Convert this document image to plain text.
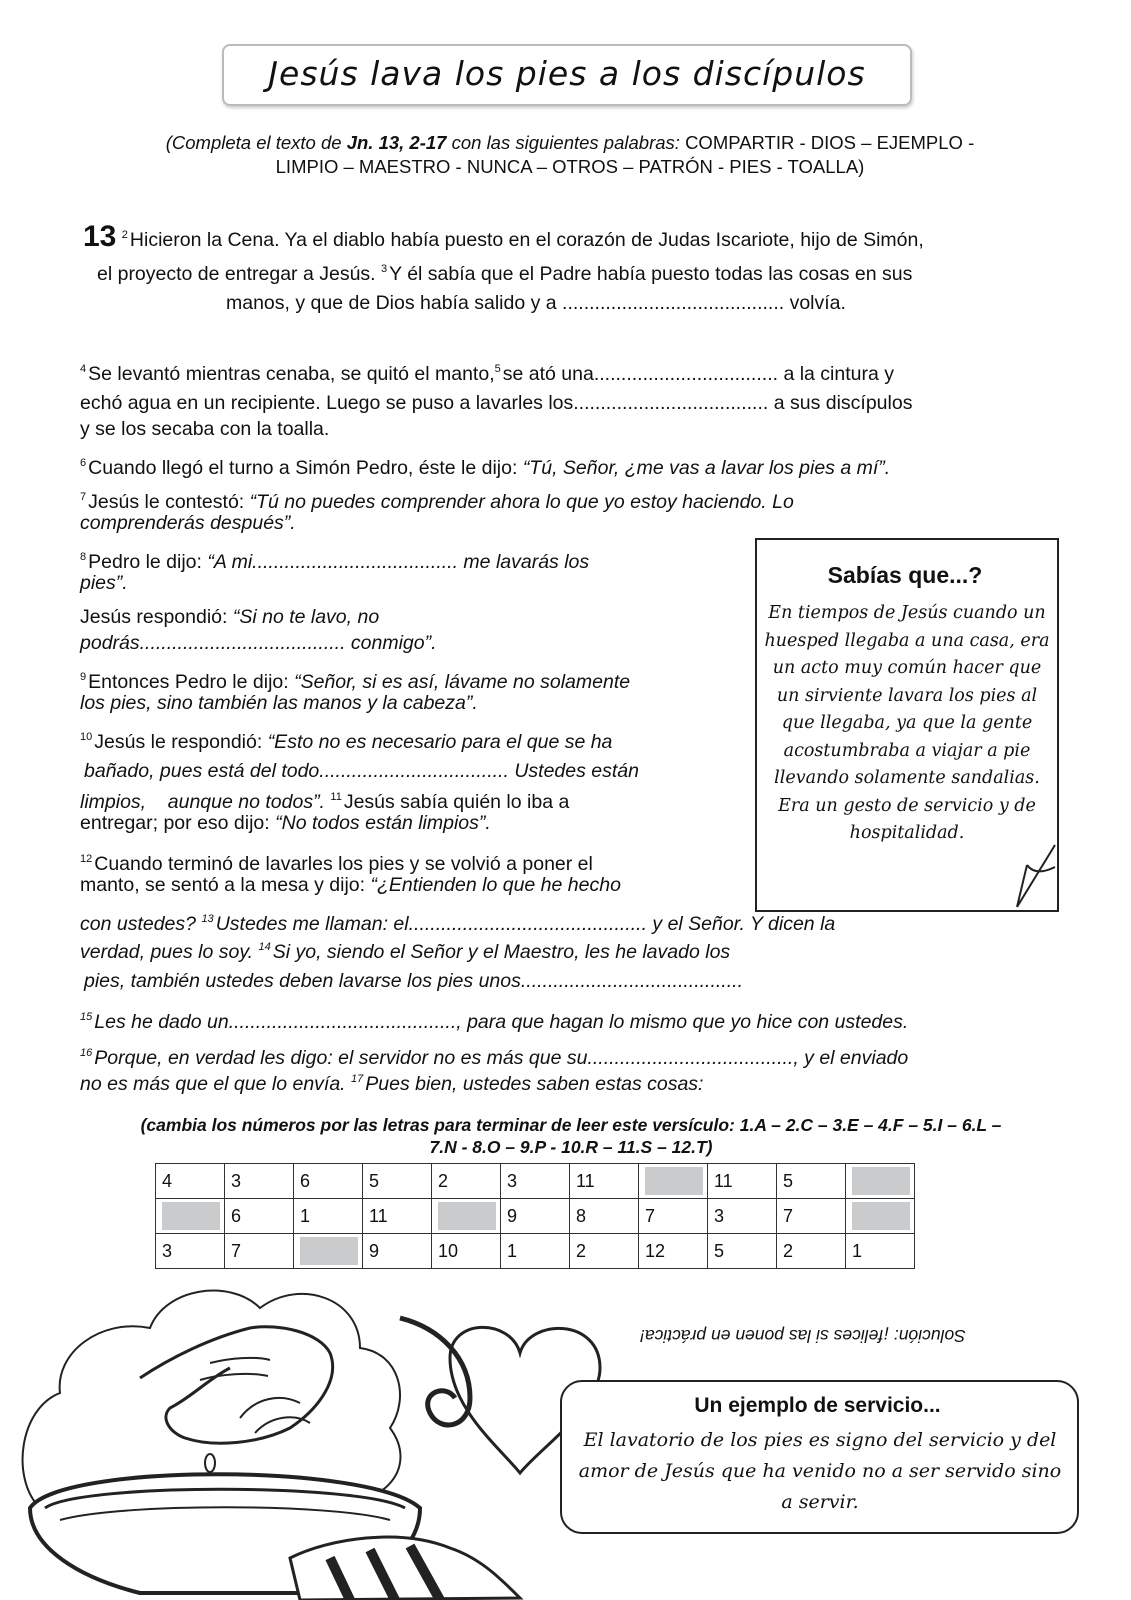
Jesús lava los pies a los discípulos
(Completa el texto de Jn. 13, 2-17 con las siguientes palabras: COMPARTIR - DIOS – EJEMPLO -
LIMPIO – MAESTRO - NUNCA – OTROS – PATRÓN - PIES - TOALLA)
13 $^2$ Hicieron la Cena. Ya el diablo había puesto en el corazón de Judas Iscariote, hijo de Simón,
el proyecto de entregar a Jesús. $^3$ Y él sabía que el Padre había puesto todas las cosas en sus
manos, y que de Dios había salido y a ......................................... volvía.
$^4$ Se levantó mientras cenaba, se quitó el manto,$^5$ se ató una.................................. a la cintura y
echó agua en un recipiente. Luego se puso a lavarles los.................................... a sus discípulos
y se los secaba con la toalla.
$^6$ Cuando llegó el turno a Simón Pedro, éste le dijo: “Tú, Señor, ¿me vas a lavar los pies a mí”.
$^7$ Jesús le contestó: “Tú no puedes comprender ahora lo que yo estoy haciendo. Lo
comprenderás después”.
$^8$ Pedro le dijo: “A mi...................................... me lavarás los
pies”.
Jesús respondió: “Si no te lavo, no
podrás...................................... conmigo”.
$^9$ Entonces Pedro le dijo: “Señor, si es así, lávame no solamente
los pies, sino también las manos y la cabeza”.
$^{10}$ Jesús le respondió: “Esto no es necesario para el que se ha
bañado, pues está del todo................................... Ustedes están
limpios,    aunque no todos”. $^{11}$ Jesús sabía quién lo iba a
entregar; por eso dijo: “No todos están limpios”.
$^{12}$ Cuando terminó de lavarles los pies y se volvió a poner el
manto, se sentó a la mesa y dijo: “¿Entienden lo que he hecho
con ustedes? $^{13}$ Ustedes me llaman: el............................................ y el Señor. Y dicen la
verdad, pues lo soy. $^{14}$ Si yo, siendo el Señor y el Maestro, les he lavado los
pies, también ustedes deben lavarse los pies unos.........................................
$^{15}$ Les he dado un.........................................., para que hagan lo mismo que yo hice con ustedes.
$^{16}$ Porque, en verdad les digo: el servidor no es más que su......................................, y el enviado
no es más que el que lo envía. $^{17}$ Pues bien, ustedes saben estas cosas:
Sabías que...?
En tiempos de Jesús cuando un huesped llegaba a una casa, era un acto muy común hacer que un sirviente lavara los pies al que llegaba, ya que la gente acostumbraba a viajar a pie llevando solamente sandalias. Era un gesto de servicio y de hospitalidad.
(cambia los números por las letras para terminar de leer este versículo: 1.A – 2.C – 3.E – 4.F – 5.I – 6.L –
7.N - 8.O – 9.P - 10.R – 11.S – 12.T)
4	3	6	5	2	3	11		11	5	
	6	1	11		9	8	7	3	7	
3	7		9	10	1	2	12	5	2	1
Solución: ¡felices si las ponen en práctica!
Un ejemplo de servicio...
El lavatorio de los pies es signo del servicio y del amor de Jesús que ha venido no a ser servido sino a servir.
